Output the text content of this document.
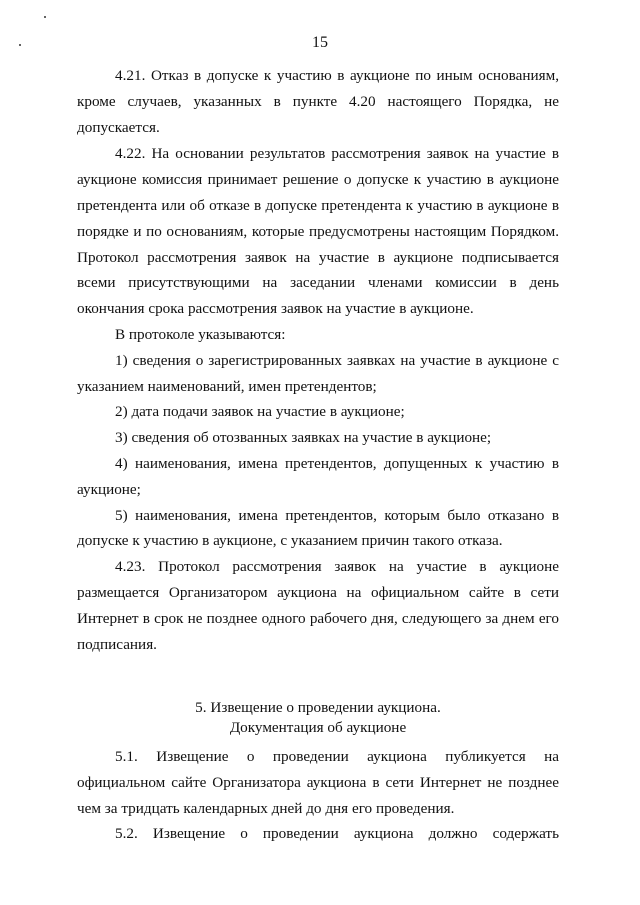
15

4.21. Отказ в допуске к участию в аукционе по иным основаниям, кроме случаев, указанных в пункте 4.20 настоящего Порядка, не допускается.

4.22. На основании результатов рассмотрения заявок на участие в аукционе комиссия принимает решение о допуске к участию в аукционе претендента или об отказе в допуске претендента к участию в аукционе в порядке и по основаниям, которые предусмотрены настоящим Порядком. Протокол рассмотрения заявок на участие в аукционе подписывается всеми присутствующими на заседании членами комиссии в день окончания срока рассмотрения заявок на участие в аукционе.

В протоколе указываются:

1) сведения о зарегистрированных заявках на участие в аукционе с указанием наименований, имен претендентов;

2) дата подачи заявок на участие в аукционе;

3) сведения об отозванных заявках на участие в аукционе;

4) наименования, имена претендентов, допущенных к участию в аукционе;

5) наименования, имена претендентов, которым было отказано в допуске к участию в аукционе, с указанием причин такого отказа.

4.23. Протокол рассмотрения заявок на участие в аукционе размещается Организатором аукциона на официальном сайте в сети Интернет в срок не позднее одного рабочего дня, следующего за днем его подписания.

5. Извещение о проведении аукциона.
Документация об аукционе

5.1. Извещение о проведении аукциона публикуется на официальном сайте Организатора аукциона в сети Интернет не позднее чем за тридцать календарных дней до дня его проведения.

5.2. Извещение о проведении аукциона должно содержать
